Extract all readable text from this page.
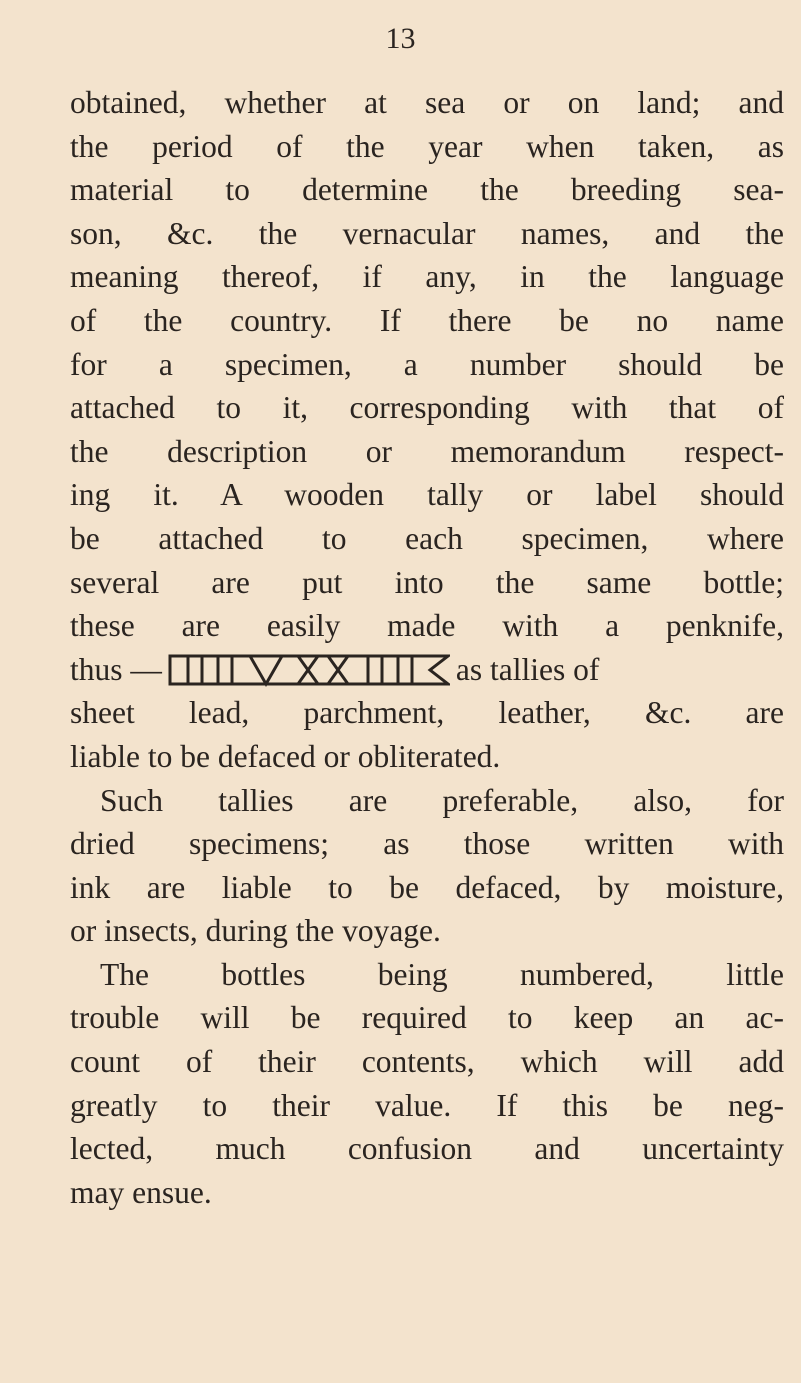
13
obtained, whether at sea or on land; and
the period of the year when taken, as
material to determine the breeding sea-
son, &c. the vernacular names, and the
meaning thereof, if any, in the language
of the country. If there be no name
for a specimen, a number should be
attached to it, corresponding with that of
the description or memorandum respect-
ing it. A wooden tally or label should
be attached to each specimen, where
several are put into the same bottle;
these are easily made with a penknife,
thus —	as tallies of
sheet lead, parchment, leather, &c. are
liable to be defaced or obliterated.
Such tallies are preferable, also, for
dried specimens; as those written with
ink are liable to be defaced, by moisture,
or insects, during the voyage.
The bottles being numbered, little
trouble will be required to keep an ac-
count of their contents, which will add
greatly to their value. If this be neg-
lected, much confusion and uncertainty
may ensue.
